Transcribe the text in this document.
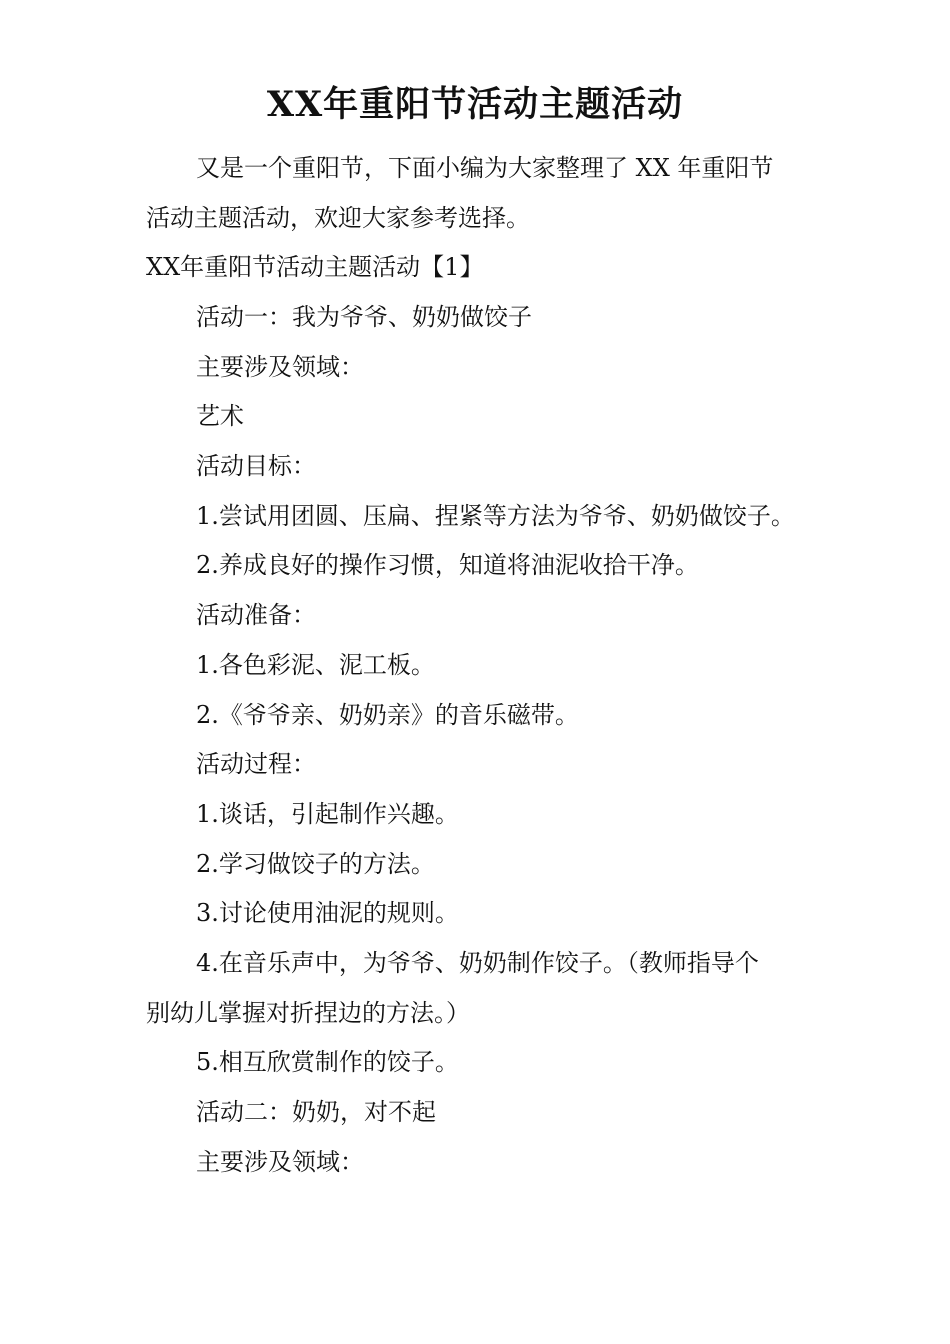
XX年重阳节活动主题活动
又是一个重阳节，下面小编为大家整理了 XX 年重阳节
活动主题活动，欢迎大家参考选择。
XX年重阳节活动主题活动【1】
活动一：我为爷爷、奶奶做饺子
主要涉及领域：
艺术
活动目标：
1.尝试用团圆、压扁、捏紧等方法为爷爷、奶奶做饺子。
2.养成良好的操作习惯，知道将油泥收拾干净。
活动准备：
1.各色彩泥、泥工板。
2.《爷爷亲、奶奶亲》的音乐磁带。
活动过程：
1.谈话，引起制作兴趣。
2.学习做饺子的方法。
3.讨论使用油泥的规则。
4.在音乐声中，为爷爷、奶奶制作饺子。（教师指导个
别幼儿掌握对折捏边的方法。）
5.相互欣赏制作的饺子。
活动二：奶奶，对不起
主要涉及领域：
